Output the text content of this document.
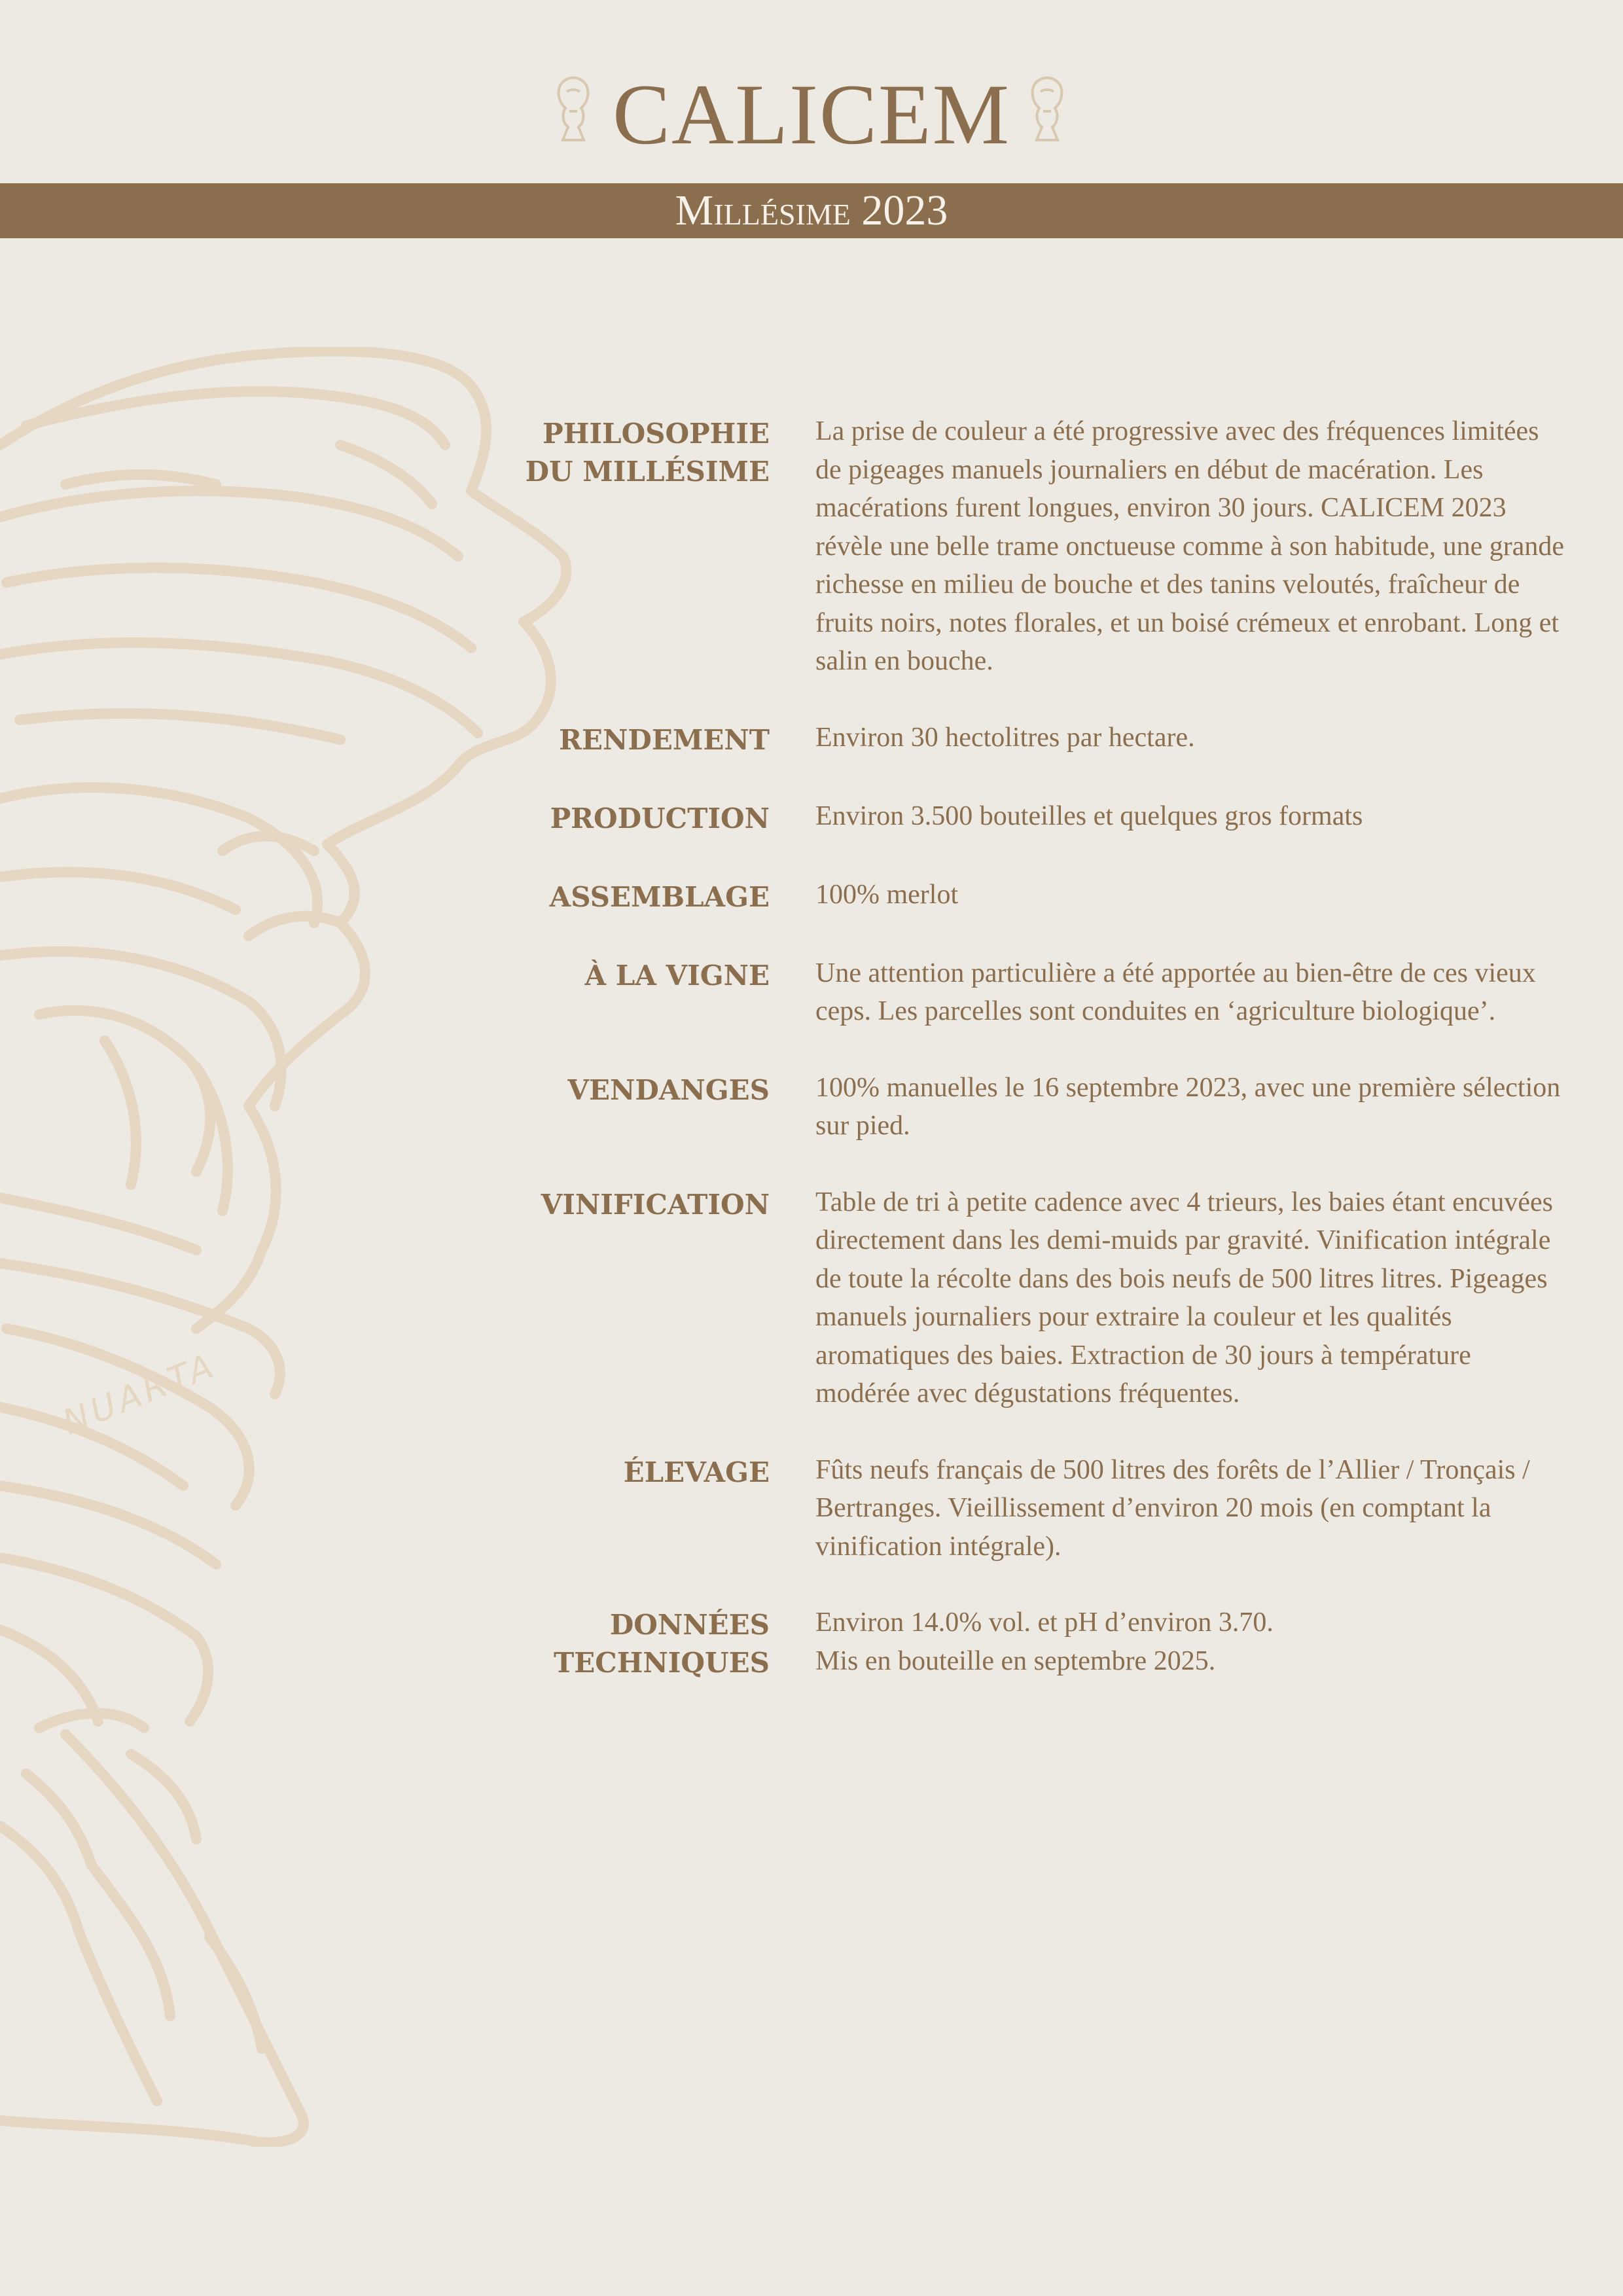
NUARTA
CALICEM
Millésime 2023
PHILOSOPHIE
DU MILLÉSIME
La prise de couleur a été progressive avec des fréquences limitées de pigeages manuels journaliers en début de macération. Les macérations furent longues, environ 30 jours. CALICEM 2023 révèle une belle trame onctueuse comme à son habitude, une grande richesse en milieu de bouche et des tanins veloutés, fraîcheur de fruits noirs, notes florales, et un boisé crémeux et enrobant. Long et salin en bouche.
RENDEMENT Environ 30 hectolitres par hectare.
PRODUCTION Environ 3.500 bouteilles et quelques gros formats
ASSEMBLAGE 100% merlot
À LA VIGNE Une attention particulière a été apportée au bien-être de ces vieux ceps. Les parcelles sont conduites en ‘agriculture biologique’.
VENDANGES 100% manuelles le 16 septembre 2023, avec une première sélection sur pied.
VINIFICATION Table de tri à petite cadence avec 4 trieurs, les baies étant encuvées directement dans les demi-muids par gravité. Vinification intégrale de toute la récolte dans des bois neufs de 500 litres litres. Pigeages manuels journaliers pour extraire la couleur et les qualités aromatiques des baies. Extraction de 30 jours à température modérée avec dégustations fréquentes.
ÉLEVAGE Fûts neufs français de 500 litres des forêts de l’Allier / Tronçais / Bertranges. Vieillissement d’environ 20 mois (en comptant la vinification intégrale).
DONNÉES
TECHNIQUES
Environ 14.0% vol. et pH d’environ 3.70.
Mis en bouteille en septembre 2025.
